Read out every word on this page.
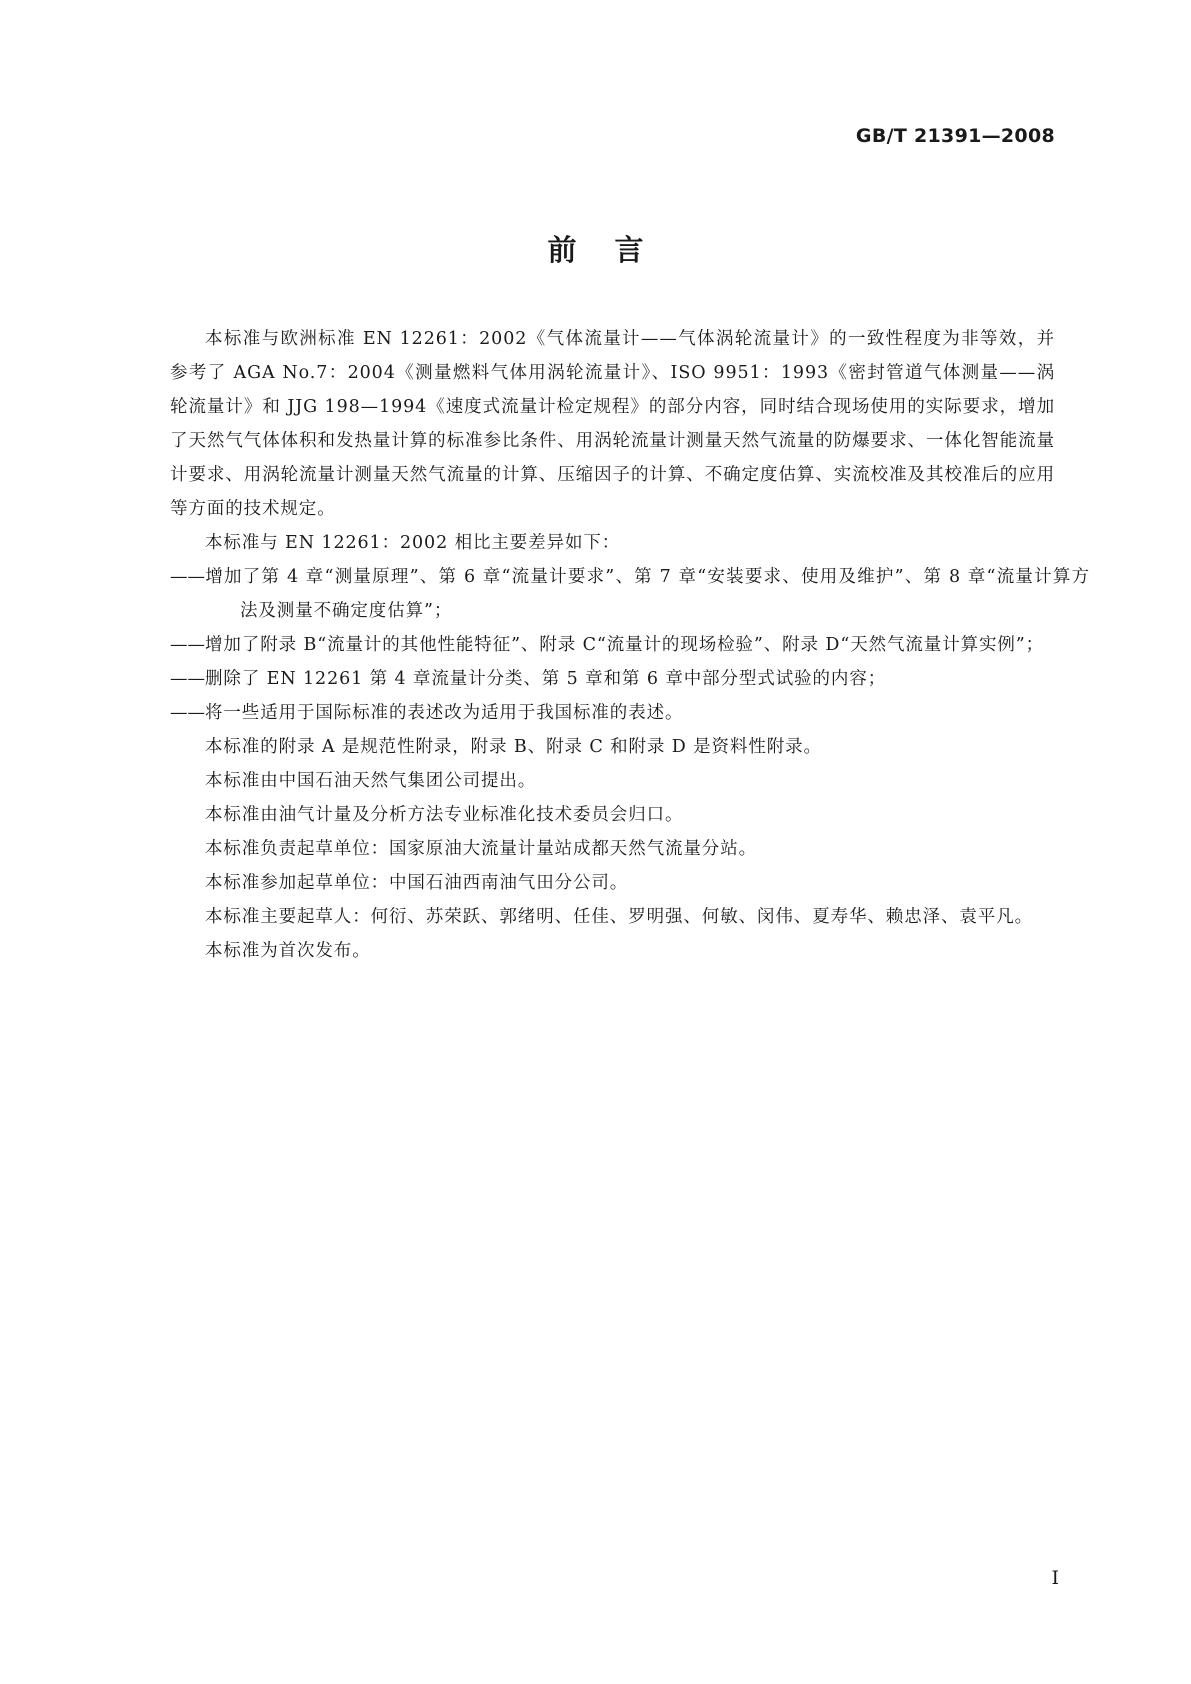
GB/T 21391—2008
前言

本标准与欧洲标准 EN 12261：2002《气体流量计——气体涡轮流量计》的一致性程度为非等效，并参考了 AGA No.7：2004《测量燃料气体用涡轮流量计》、ISO 9951：1993《密封管道气体测量——涡轮流量计》和 JJG 198—1994《速度式流量计检定规程》的部分内容，同时结合现场使用的实际要求，增加了天然气气体体积和发热量计算的标准参比条件、用涡轮流量计测量天然气流量的防爆要求、一体化智能流量计要求、用涡轮流量计测量天然气流量的计算、压缩因子的计算、不确定度估算、实流校准及其校准后的应用等方面的技术规定。

本标准与 EN 12261：2002 相比主要差异如下：

——增加了第 4 章“测量原理”、第 6 章“流量计要求”、第 7 章“安装要求、使用及维护”、第 8 章“流量计算方法及测量不确定度估算”；

——增加了附录 B“流量计的其他性能特征”、附录 C“流量计的现场检验”、附录 D“天然气流量计算实例”；

——删除了 EN 12261 第 4 章流量计分类、第 5 章和第 6 章中部分型式试验的内容；

——将一些适用于国际标准的表述改为适用于我国标准的表述。

本标准的附录 A 是规范性附录，附录 B、附录 C 和附录 D 是资料性附录。

本标准由中国石油天然气集团公司提出。

本标准由油气计量及分析方法专业标准化技术委员会归口。

本标准负责起草单位：国家原油大流量计量站成都天然气流量分站。

本标准参加起草单位：中国石油西南油气田分公司。

本标准主要起草人：何衍、苏荣跃、郭绪明、任佳、罗明强、何敏、闵伟、夏寿华、赖忠泽、袁平凡。

本标准为首次发布。

I
